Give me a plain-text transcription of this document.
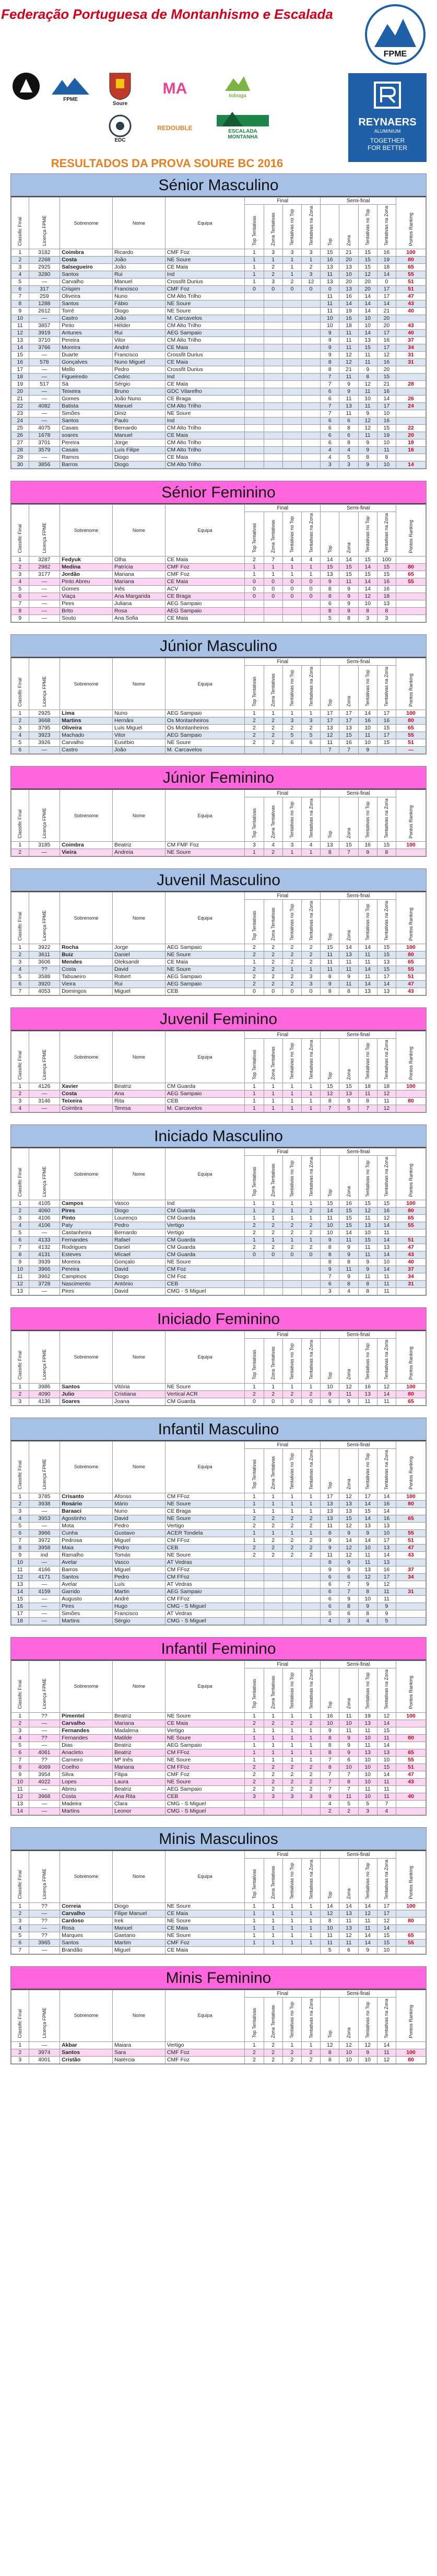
Federação Portuguesa de Montanhismo e Escalada
FPME
FPME
Soure
MA	toboga
EDC
REDOUBLE	ESCALADA MONTANHA
REYNAERS
ALUMINIUM
TOGETHER
FOR BETTER
RESULTADOS DA PROVA SOURE BC 2016
Sénior Masculino
Classific Final	Licença FPME	Sobrenome	Nome	Equipa	Final				Semi-final				Pontos Ranking
					Top Tentativas	Zona Tentativas	Tentativas no Top	Tentativas na Zona	Top	Zona	Tentativas no Top	Tentativas na Zona	
1	3182	Coimbra	Ricardo	CMF Foz	1	3	3	3	15	21	15	16	100
2	2268	Costa	João	NE Soure	1	1	1	1	16	20	15	19	80
3	2925	Salsegueiro	João	CE Maia	1	2	1	2	13	13	15	18	65
4	3280	Santos	Rui	Ind	1	2	1	3	11	10	12	14	55
5	—	Carvalho	Manuel	Crossfit Durius	1	3	2	12	13	20	20	0	51
6	317	Crispim	Francisco	CMF Foz	0	0	0	0	0	13	20	17	51
7	259	Oliveira	Nuno	CM Alto Trilho					11	16	14	17	47
8	1288	Santos	Fábio	NE Soure					11	14	14	14	43
9	2612	Torré	Diogo	NE Soure					11	19	14	21	40
10	—	Castro	João	M. Carcavelos					10	16	10	20	
11	3857	Pinto	Hélder	CM Alto Trilho					10	18	10	20	43
12	3919	Antunes	Rui	AEG Sampaio					9	11	14	17	40
13	3710	Pereira	Vitor	CM Alto Trilho					9	11	13	16	37
14	3766	Moreira	André	CE Maia					9	11	15	17	34
15	—	Duarte	Francisco	Crossfit Durius					9	12	11	12	31
16	578	Gonçalves	Nuno Miguel	CE Maia					8	12	11	16	31
17	—	Mello	Pedro	Crossfit Durius					8	21	9	20	
18	—	Figueiredo	Cedric	Ind					7	11	8	15	
19	517	Sá	Sérgio	CE Maia					7	9	12	21	28
20	—	Teixeira	Bruno	GDC Vilarelho					6	9	11	16	
21	—	Gomes	João Nuno	CE Braga					6	11	10	14	26
22	4082	Batista	Manuel	CM Alto Trilho					7	13	11	17	24
23	—	Simões	Diniz	NE Soure					7	11	9	10	
24	—	Santos	Paulo	Ind					6	6	12	16	
25	4075	Casais	Bernardo	CM Alto Trilho					6	8	12	15	22
26	1678	soares	Manuel	CE Maia					6	6	11	19	20
27	3701	Pereira	Jorge	CM Alto Trilho					6	8	9	10	18
28	3579	Casais	Luís Filipe	CM Alto Trilho					4	4	9	11	16
29	—	Ramos	Diogo	CE Maia					4	5	8	8	
30	3856	Barros	Diogo	CM Alto Trilho					3	3	9	10	14
Sénior Feminino
Classific Final	Licença FPME	Sobrenome	Nome	Equipa	Final				Semi-final				Pontos Ranking
					Top Tentativas	Zona Tentativas	Tentativas no Top	Tentativas na Zona	Top	Zona	Tentativas no Top	Tentativas na Zona	
1	3287	Fedyuk	Olha	CE Maia	2	7	4	4	14	14	15	100	
2	2982	Medina	Patrícia	CMF Foz	1	1	1	1	15	15	14	15	80
3	3177	Jordão	Mariana	CMF Foz	1	1	1	1	13	15	15	15	65
4	—	Pinto Abreu	Mariana	CE Maia	0	0	0	0	9	11	14	16	55
5	—	Gomes	Inês	ACV	0	0	0	0	8	9	14	16	
6	—	Viaça	Ana Margarida	CE Braga	0	0	0	0	8	9	12	18	
7	—	Pires	Juliana	AEG Sampaio					6	9	10	13	
8	—	Brito	Rosa	AEG Sampaio					8	9	8	8	
9	—	Souto	Ana Sofia	CE Maia					5	8	3	3	
Júnior Masculino
Classific Final	Licença FPME	Sobrenome	Nome	Equipa	Final				Semi-final				Pontos Ranking
					Top Tentativas	Zona Tentativas	Tentativas no Top	Tentativas na Zona	Top	Zona	Tentativas no Top	Tentativas na Zona	
1	2925	Lima	Nuno	AEG Sampaio	1	1	1	1	17	17	14	17	100
2	3668	Martins	Hernâni	Os Montanheiros	2	2	3	3	17	17	16	16	80
3	3795	Oliveira	Luís Miguel	Os Montanheiros	2	2	2	2	13	13	10	15	65
4	3923	Machado	Vitor	AEG Sampaio	2	2	5	5	12	15	11	17	55
5	3926	Carvalho	Eusébio	NE Soure	2	2	6	6	11	16	10	15	51
6	—	Castro	João	M. Carcavelos					7	7	9		—
Júnior Feminino
Classific Final	Licença FPME	Sobrenome	Nome	Equipa	Final				Semi-final				Pontos Ranking
					Top Tentativas	Zona Tentativas	Tentativas no Top	Tentativas na Zona	Top	Zona	Tentativas no Top	Tentativas na Zona	
1	3185	Coimbra	Beatriz	CM FMF Foz	3	4	3	4	13	15	16	15	100
2	—	Vieira	Andreia	NE Soure	1	2	1	1	8	7	9	8	
Juvenil Masculino
Classific Final	Licença FPME	Sobrenome	Nome	Equipa	Final				Semi-final				Pontos Ranking
					Top Tentativas	Zona Tentativas	Tentativas no Top	Tentativas na Zona	Top	Zona	Tentativas no Top	Tentativas na Zona	
1	3922	Rocha	Jorge	AEG Sampaio	2	2	2	2	15	14	14	15	100
2	3611	Buiz	Daniel	NE Soure	2	2	2	2	11	13	11	15	80
3	3606	Mendes	Oleksandr	CE Maia	1	2	2	2	11	11	11	13	65
4	??	Costa	David	NE Soure	2	2	1	1	11	11	14	15	55
5	3588	Tabuaeiro	Robert	AEG Sampaio	2	2	2	3	8	9	11	17	51
6	3920	Vieira	Rui	AEG Sampaio	2	2	2	3	9	11	14	14	47
7	4053	Domingos	Miguel	CEB	0	0	0	0	8	8	13	13	43
Juvenil Feminino
Classific Final	Licença FPME	Sobrenome	Nome	Equipa	Final				Semi-final				Pontos Ranking
					Top Tentativas	Zona Tentativas	Tentativas no Top	Tentativas na Zona	Top	Zona	Tentativas no Top	Tentativas na Zona	
1	4126	Xavier	Beatriz	CM Guarda	1	1	1	1	15	15	18	18	100
2	—	Costa	Ana	AEG Sampaio	1	1	1	1	12	13	11	12	
3	3146	Teixeira	Rita	CEB	1	1	1	1	8	9	8	11	80
4	—	Coimbra	Teresa	M. Carcavelos	1	1	1	1	7	5	7	12	
Iniciado Masculino
Classific Final	Licença FPME	Sobrenome	Nome	Equipa	Final				Semi-final				Pontos Ranking
					Top Tentativas	Zona Tentativas	Tentativas no Top	Tentativas na Zona	Top	Zona	Tentativas no Top	Tentativas na Zona	
1	4105	Campos	Vasco	Ind	1	1	1	1	15	16	15	15	100
2	4060	Pires	Diogo	CM Guarda	1	2	1	2	14	15	12	16	80
3	4106	Pinto	Lourenço	CM Guarda	1	1	1	1	11	15	11	12	65
4	4106	Paty	Pedro	Vertigo	2	2	2	2	10	15	13	14	55
5	—	Castanheira	Bernardo	Vertigo	2	2	2	2	10	14	10	11	
6	4133	Fernandes	Rafael	CM Guarda	1	1	1	1	9	11	15	14	51
7	4132	Rodrigues	Daniel	CM Guarda	2	2	2	2	8	9	11	13	47
8	4131	Esteves	Mícael	CM Guarda	0	0	0	0	8	9	11	14	43
9	3939	Moreira	Gonçalo	NE Soure					8	8	9	10	40
10	3966	Pereira	David	CM Foz					9	11	9	14	37
11	3962	Campinos	Diogo	CM Foz					7	9	11	11	34
12	3728	Nascimento	António	CEB					6	8	8	11	31
13	—	Pires	David	CMG - S Miguel					3	4	8	11	
Iniciado Feminino
Classific Final	Licença FPME	Sobrenome	Nome	Equipa	Final				Semi-final				Pontos Ranking
					Top Tentativas	Zona Tentativas	Tentativas no Top	Tentativas na Zona	Top	Zona	Tentativas no Top	Tentativas na Zona	
1	3986	Santos	Vitória	NE Soure	1	1	1	1	10	12	16	12	100
2	4090	Julio	Cristiana	Vertical ACR	2	2	2	2	9	11	13	14	80
3	4136	Soares	Joana	CM Guarda	0	0	0	0	6	9	11	11	65
Infantil Masculino
Classific Final	Licença FPME	Sobrenome	Nome	Equipa	Final				Semi-final				Pontos Ranking
					Top Tentativas	Zona Tentativas	Tentativas no Top	Tentativas na Zona	Top	Zona	Tentativas no Top	Tentativas na Zona	
1	3785	Crisanto	Afonso	CM FFoz	1	1	1	1	17	12	17	14	100
2	3938	Rosário	Mário	NE Soure	1	1	1	1	13	13	14	16	80
3	—	Baraaci	Nuno	CE Braga	1	1	1	1	13	13	15	14	
4	3953	Agostinho	David	NE Soure	2	2	2	2	13	15	14	16	65
5	—	Mota	Pedro	Vertigo	2	2	2	2	11	12	13	13	
6	3966	Cunha	Gustavo	ACER Tondela	1	1	1	1	8	9	9	10	55
7	3972	Pedrosa	Miguel	CM FFoz	1	2	2	2	9	14	14	17	51
8	3958	Maia	Pedro	CEB	2	2	2	2	9	12	10	13	47
9	ind	Ramalho	Tomás	NE Soure	2	2	2	2	11	12	11	14	43
10	—	Avelar	Vasco	AT Vedras					8	9	11	13	
11	4166	Barros	Miguel	CM FFoz					9	9	13	16	37
12	4171	Santos	Pedro	CM FFoz					6	6	12	17	34
13	—	Avelar	Luís	AT Vedras					6	7	9	12	
14	4159	Garrido	Martin	AEG Sampaio					6	7	8	11	31
15	—	Augusto	André	CM FFoz					6	9	10	11	
16	—	Pires	Hugo	CMG - S Miguel					6	8	9	9	
17	—	Simões	Francisco	AT Vedras					5	6	8	9	
18	—	Martins	Sérgio	CMG - S Miguel					4	3	4	5	
Infantil Feminino
Classific Final	Licença FPME	Sobrenome	Nome	Equipa	Final				Semi-final				Pontos Ranking
					Top Tentativas	Zona Tentativas	Tentativas no Top	Tentativas na Zona	Top	Zona	Tentativas no Top	Tentativas na Zona	
1	??	Pimentel	Beatriz	NE Soure	1	1	1	1	16	11	19	12	100
2	—	Carvalho	Mariana	CE Maia	2	2	2	2	10	10	13	14	
3	—	Fernandes	Madalena	Vertigo	1	1	1	1	9	11	11	15	
4	??	Fernandes	Matilde	NE Soure	1	1	1	1	8	9	10	11	80
5	—	Dias	Beatriz	AEG Sampaio	1	1	1	1	8	9	11	14	
6	4061	Anacleto	Beatriz	CM FFoz	1	1	1	1	8	9	13	13	65
7	??	Carneiro	Mª Inês	NE Soure	1	1	1	1	7	6	10	10	55
8	4069	Coelho	Mariana	CM FFoz	2	2	2	2	8	10	10	15	51
9	3954	Silva	Filipa	CMF Foz	2	2	2	2	7	7	10	14	47
10	4022	Lopes	Laura	NE Soure	2	2	2	2	7	8	10	11	43
11	—	Abreu	Beatriz	AEG Sampaio	2	2	2	2	7	7	11	11	
12	3968	Costa	Ana Rita	CEB	3	3	3	3	9	11	10	11	40
13	—	Madeira	Clara	CMG - S Miguel					4	5	5	7	
14	—	Martins	Leonor	CMG - S Miguel					2	2	3	4	
Minis Masculinos
Classific Final	Licença FPME	Sobrenome	Nome	Equipa	Final				Semi-final				Pontos Ranking
					Top Tentativas	Zona Tentativas	Tentativas no Top	Tentativas na Zona	Top	Zona	Tentativas no Top	Tentativas na Zona	
1	??	Correia	Diogo	NE Soure	1	1	1	1	14	14	14	17	100
2	—	Carvalho	Filipe Manuel	CE Maia	1	1	1	1	12	13	12	17	
3	??	Cardoso	Irek	NE Soure	1	1	1	1	8	11	11	12	80
4	—	Rosa	Manuel	CE Maia	1	1	1	1	10	13	11	14	
5	??	Marques	Gaetano	NE Soure	1	1	1	1	11	12	14	15	65
6	3965	Santos	Martim	CMF Foz	1	1	1	1	11	11	14	15	55
7	—	Brandão	Miguel	CE Maia					5	6	9	10	
Minis Feminino
Classific Final	Licença FPME	Sobrenome	Nome	Equipa	Final				Semi-final				Pontos Ranking
					Top Tentativas	Zona Tentativas	Tentativas no Top	Tentativas na Zona	Top	Zona	Tentativas no Top	Tentativas na Zona	
1	—	Akbar	Maiara	Vertigo	1	2	1	1	12	12	12	14	
2	3974	Santos	Sara	CMF Foz	2	2	2	2	8	10	9	11	100
3	4001	Cristão	Natércia	CMF Foz	2	2	2	2	8	10	10	12	80
